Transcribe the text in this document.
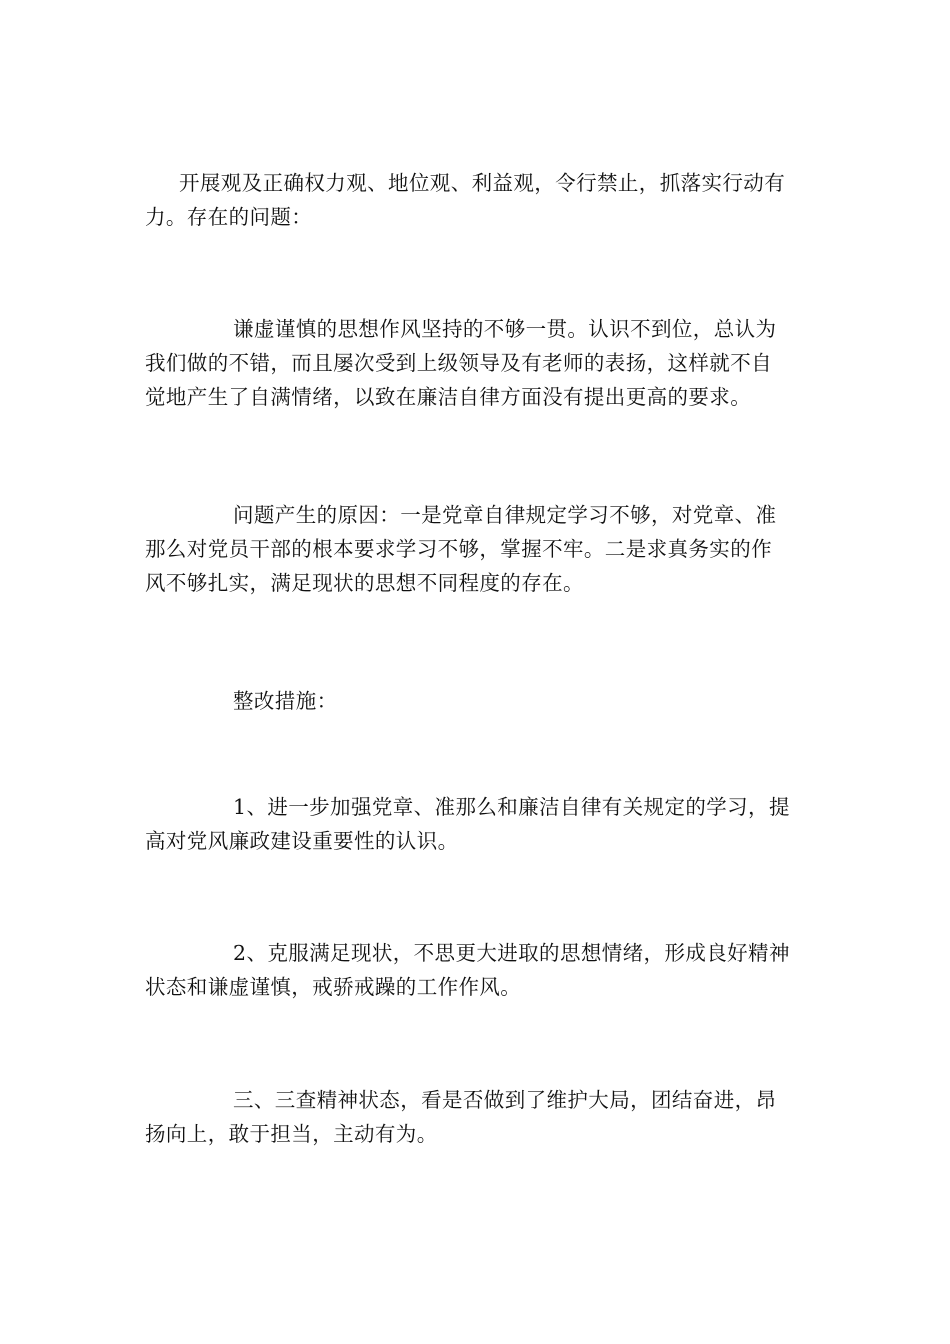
开展观及正确权力观、地位观、利益观，令行禁止，抓落实行动有
力。存在的问题：

谦虚谨慎的思想作风坚持的不够一贯。认识不到位，总认为
我们做的不错，而且屡次受到上级领导及有老师的表扬，这样就不自
觉地产生了自满情绪，以致在廉洁自律方面没有提出更高的要求。

问题产生的原因：一是党章自律规定学习不够，对党章、准
那么对党员干部的根本要求学习不够，掌握不牢。二是求真务实的作
风不够扎实，满足现状的思想不同程度的存在。

整改措施：

1、进一步加强党章、准那么和廉洁自律有关规定的学习，提
高对党风廉政建设重要性的认识。

2、克服满足现状，不思更大进取的思想情绪，形成良好精神
状态和谦虚谨慎，戒骄戒躁的工作作风。

三、三查精神状态，看是否做到了维护大局，团结奋进，昂
扬向上，敢于担当，主动有为。
